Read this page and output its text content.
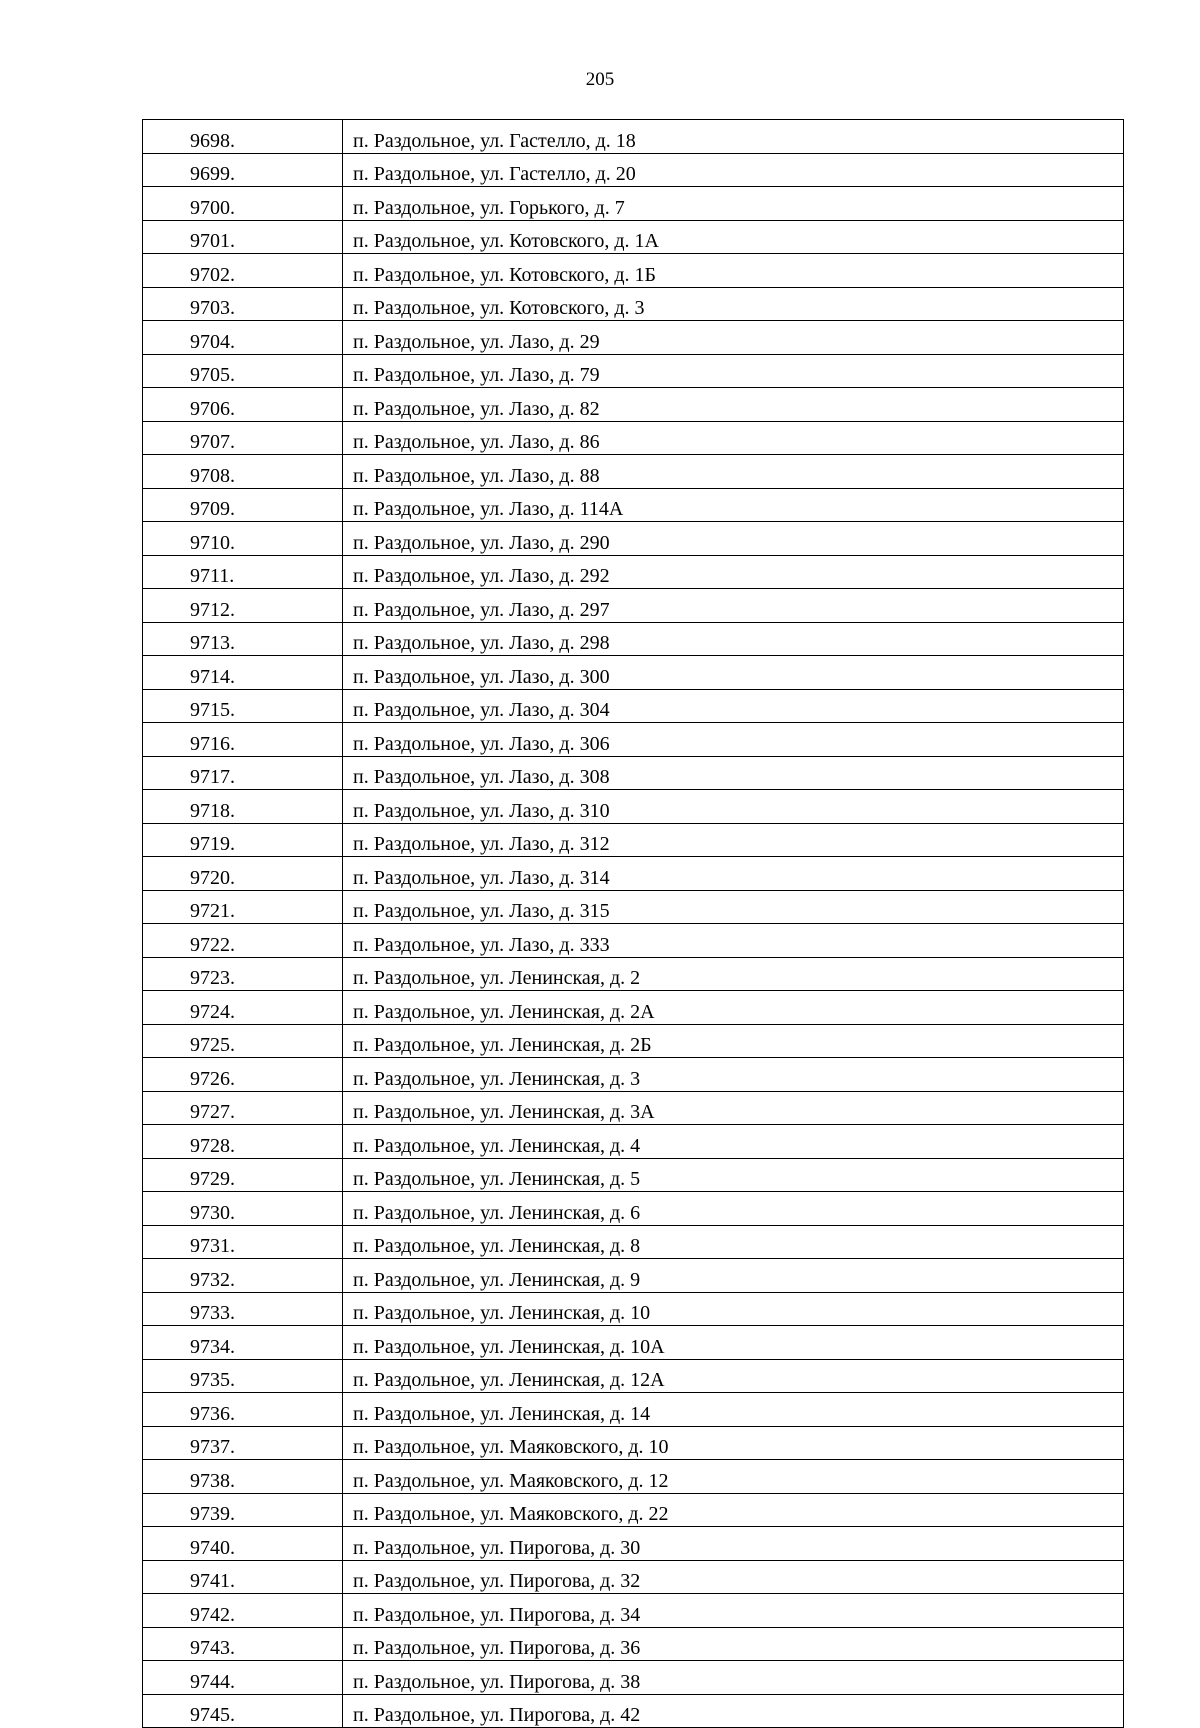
205
9698.	п. Раздольное, ул. Гастелло, д. 18
9699.	п. Раздольное, ул. Гастелло, д. 20
9700.	п. Раздольное, ул. Горького, д. 7
9701.	п. Раздольное, ул. Котовского, д. 1А
9702.	п. Раздольное, ул. Котовского, д. 1Б
9703.	п. Раздольное, ул. Котовского, д. 3
9704.	п. Раздольное, ул. Лазо, д. 29
9705.	п. Раздольное, ул. Лазо, д. 79
9706.	п. Раздольное, ул. Лазо, д. 82
9707.	п. Раздольное, ул. Лазо, д. 86
9708.	п. Раздольное, ул. Лазо, д. 88
9709.	п. Раздольное, ул. Лазо, д. 114А
9710.	п. Раздольное, ул. Лазо, д. 290
9711.	п. Раздольное, ул. Лазо, д. 292
9712.	п. Раздольное, ул. Лазо, д. 297
9713.	п. Раздольное, ул. Лазо, д. 298
9714.	п. Раздольное, ул. Лазо, д. 300
9715.	п. Раздольное, ул. Лазо, д. 304
9716.	п. Раздольное, ул. Лазо, д. 306
9717.	п. Раздольное, ул. Лазо, д. 308
9718.	п. Раздольное, ул. Лазо, д. 310
9719.	п. Раздольное, ул. Лазо, д. 312
9720.	п. Раздольное, ул. Лазо, д. 314
9721.	п. Раздольное, ул. Лазо, д. 315
9722.	п. Раздольное, ул. Лазо, д. 333
9723.	п. Раздольное, ул. Ленинская, д. 2
9724.	п. Раздольное, ул. Ленинская, д. 2А
9725.	п. Раздольное, ул. Ленинская, д. 2Б
9726.	п. Раздольное, ул. Ленинская, д. 3
9727.	п. Раздольное, ул. Ленинская, д. 3А
9728.	п. Раздольное, ул. Ленинская, д. 4
9729.	п. Раздольное, ул. Ленинская, д. 5
9730.	п. Раздольное, ул. Ленинская, д. 6
9731.	п. Раздольное, ул. Ленинская, д. 8
9732.	п. Раздольное, ул. Ленинская, д. 9
9733.	п. Раздольное, ул. Ленинская, д. 10
9734.	п. Раздольное, ул. Ленинская, д. 10А
9735.	п. Раздольное, ул. Ленинская, д. 12А
9736.	п. Раздольное, ул. Ленинская, д. 14
9737.	п. Раздольное, ул. Маяковского, д. 10
9738.	п. Раздольное, ул. Маяковского, д. 12
9739.	п. Раздольное, ул. Маяковского, д. 22
9740.	п. Раздольное, ул. Пирогова, д. 30
9741.	п. Раздольное, ул. Пирогова, д. 32
9742.	п. Раздольное, ул. Пирогова, д. 34
9743.	п. Раздольное, ул. Пирогова, д. 36
9744.	п. Раздольное, ул. Пирогова, д. 38
9745.	п. Раздольное, ул. Пирогова, д. 42
